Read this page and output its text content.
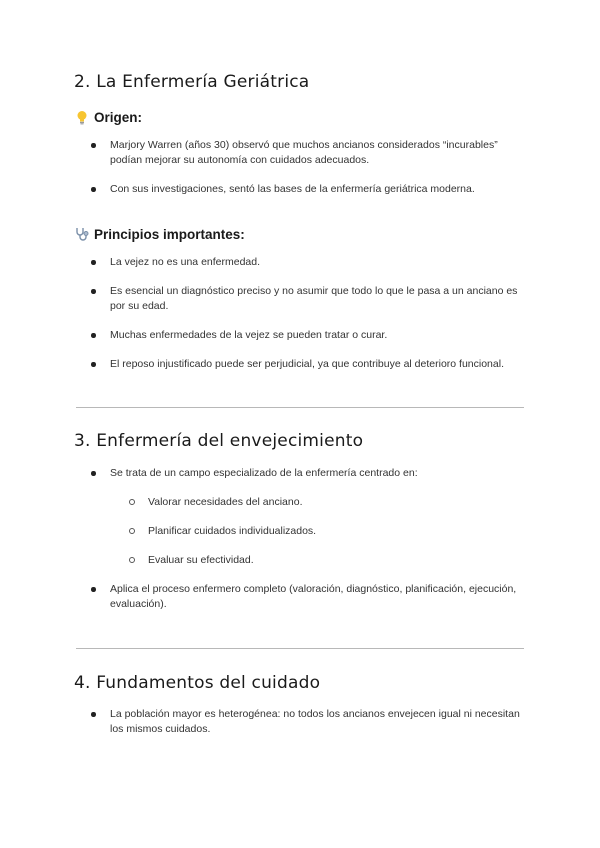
2. La Enfermería Geriátrica
Origen:
Marjory Warren (años 30) observó que muchos ancianos considerados “incurables” podían mejorar su autonomía con cuidados adecuados.
Con sus investigaciones, sentó las bases de la enfermería geriátrica moderna.
Principios importantes:
La vejez no es una enfermedad.
Es esencial un diagnóstico preciso y no asumir que todo lo que le pasa a un anciano es por su edad.
Muchas enfermedades de la vejez se pueden tratar o curar.
El reposo injustificado puede ser perjudicial, ya que contribuye al deterioro funcional.
3. Enfermería del envejecimiento
Se trata de un campo especializado de la enfermería centrado en:
Valorar necesidades del anciano.
Planificar cuidados individualizados.
Evaluar su efectividad.
Aplica el proceso enfermero completo (valoración, diagnóstico, planificación, ejecución, evaluación).
4. Fundamentos del cuidado
La población mayor es heterogénea: no todos los ancianos envejecen igual ni necesitan los mismos cuidados.
